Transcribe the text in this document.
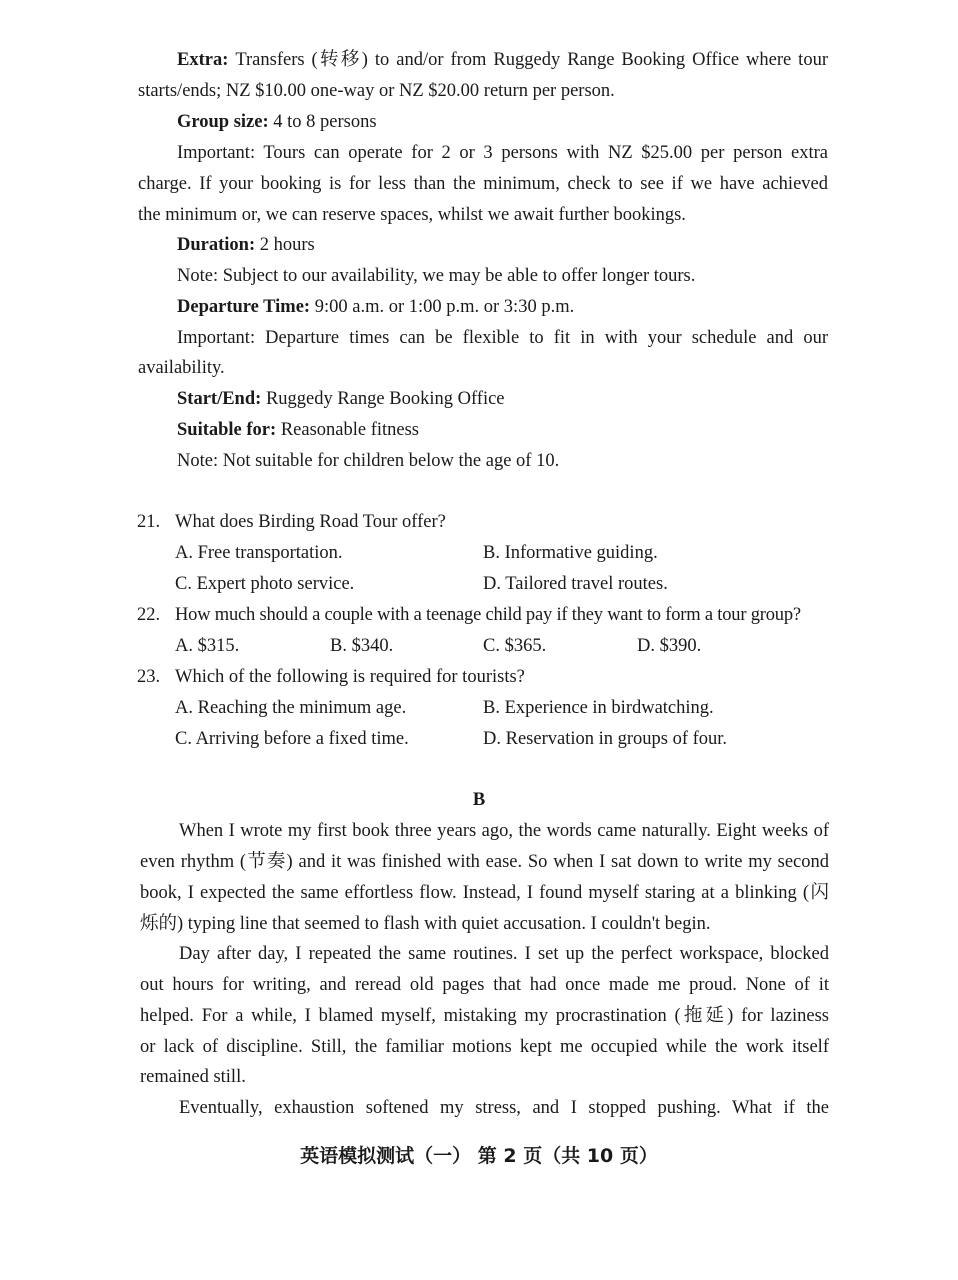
Extra: Transfers (转移) to and/or from Ruggedy Range Booking Office where tour
starts/ends; NZ $10.00 one-way or NZ $20.00 return per person.
Group size: 4 to 8 persons
Important: Tours can operate for 2 or 3 persons with NZ $25.00 per person extra
charge. If your booking is for less than the minimum, check to see if we have achieved
the minimum or, we can reserve spaces, whilst we await further bookings.
Duration: 2 hours
Note: Subject to our availability, we may be able to offer longer tours.
Departure Time: 9:00 a.m. or 1:00 p.m. or 3:30 p.m.
Important: Departure times can be flexible to fit in with your schedule and our
availability.
Start/End: Ruggedy Range Booking Office
Suitable for: Reasonable fitness
Note: Not suitable for children below the age of 10.
21. What does Birding Road Tour offer?
A. Free transportation.	B. Informative guiding.
C. Expert photo service.	D. Tailored travel routes.
22. How much should a couple with a teenage child pay if they want to form a tour group?
A. $315.	B. $340.	C. $365.	D. $390.
23. Which of the following is required for tourists?
A. Reaching the minimum age.	B. Experience in birdwatching.
C. Arriving before a fixed time.	D. Reservation in groups of four.
B
When I wrote my first book three years ago, the words came naturally. Eight weeks of
even rhythm (节奏) and it was finished with ease. So when I sat down to write my second
book, I expected the same effortless flow. Instead, I found myself staring at a blinking (闪
烁的) typing line that seemed to flash with quiet accusation. I couldn't begin.
Day after day, I repeated the same routines. I set up the perfect workspace, blocked
out hours for writing, and reread old pages that had once made me proud. None of it
helped. For a while, I blamed myself, mistaking my procrastination (拖延) for laziness
or lack of discipline. Still, the familiar motions kept me occupied while the work itself
remained still.
Eventually, exhaustion softened my stress, and I stopped pushing. What if the
英语模拟测试（一） 第 2 页（共 10 页）
